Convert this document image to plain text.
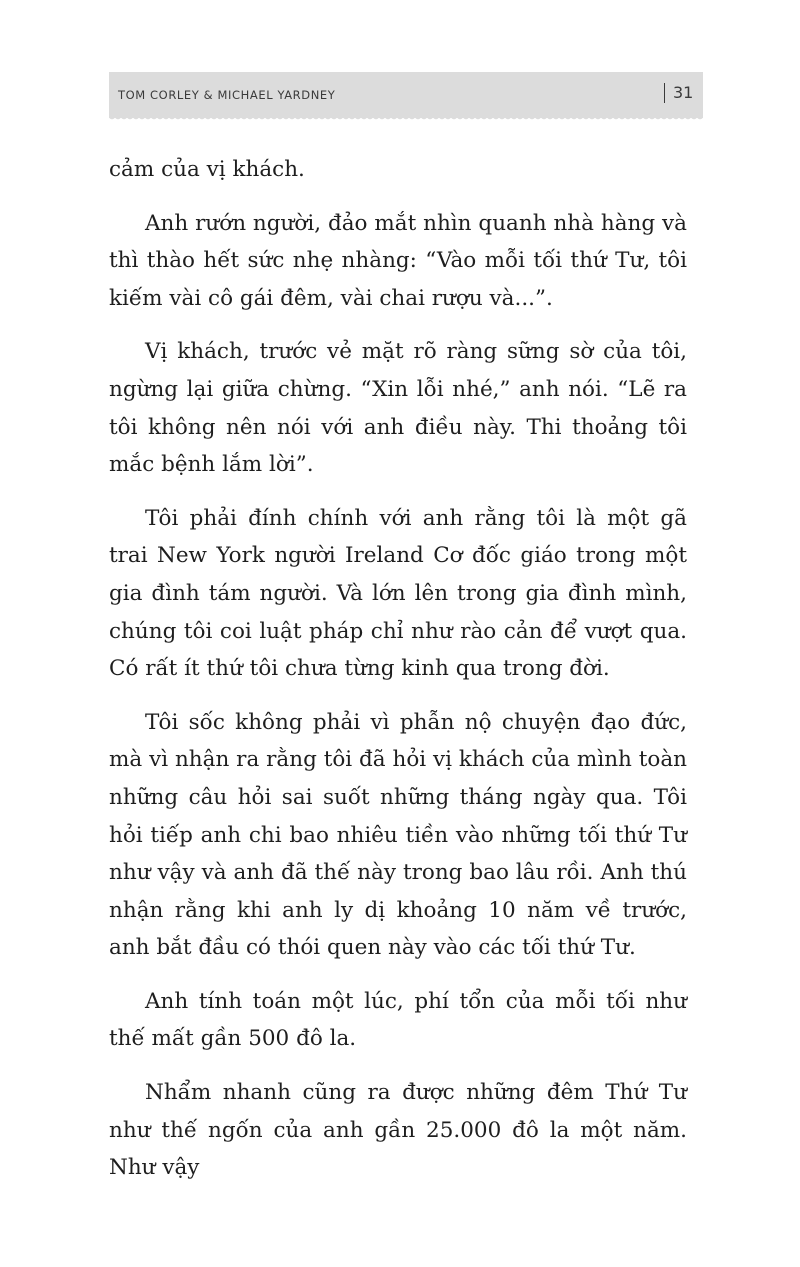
TOM CORLEY & MICHAEL YARDNEY	31

cảm của vị khách.

Anh rướn người, đảo mắt nhìn quanh nhà hàng và thì thào hết sức nhẹ nhàng: “Vào mỗi tối thứ Tư, tôi kiếm vài cô gái đêm, vài chai rượu và...”.

Vị khách, trước vẻ mặt rõ ràng sững sờ của tôi, ngừng lại giữa chừng. “Xin lỗi nhé,” anh nói. “Lẽ ra tôi không nên nói với anh điều này. Thi thoảng tôi mắc bệnh lắm lời”.

Tôi phải đính chính với anh rằng tôi là một gã trai New York người Ireland Cơ đốc giáo trong một gia đình tám người. Và lớn lên trong gia đình mình, chúng tôi coi luật pháp chỉ như rào cản để vượt qua. Có rất ít thứ tôi chưa từng kinh qua trong đời.

Tôi sốc không phải vì phẫn nộ chuyện đạo đức, mà vì nhận ra rằng tôi đã hỏi vị khách của mình toàn những câu hỏi sai suốt những tháng ngày qua. Tôi hỏi tiếp anh chi bao nhiêu tiền vào những tối thứ Tư như vậy và anh đã thế này trong bao lâu rồi. Anh thú nhận rằng khi anh ly dị khoảng 10 năm về trước, anh bắt đầu có thói quen này vào các tối thứ Tư.

Anh tính toán một lúc, phí tổn của mỗi tối như thế mất gần 500 đô la.

Nhẩm nhanh cũng ra được những đêm Thứ Tư như thế ngốn của anh gần 25.000 đô la một năm. Như vậy
